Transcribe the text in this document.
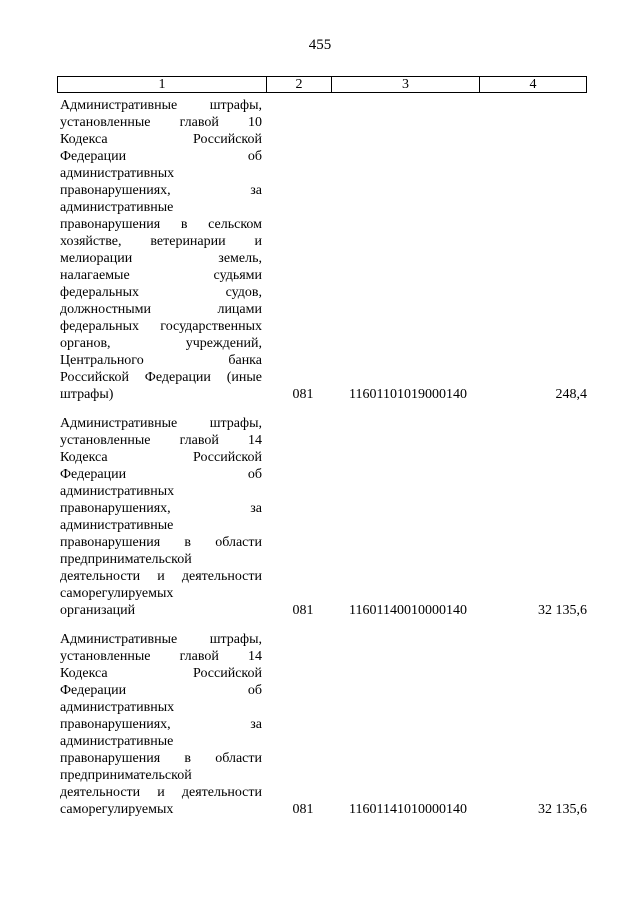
455
1	2	3	4
Административные штрафы,
установленные главой 10
Кодекса Российской
Федерации об
административных
правонарушениях, за
административные
правонарушения в сельском
хозяйстве, ветеринарии и
мелиорации земель,
налагаемые судьями
федеральных судов,
должностными лицами
федеральных государственных
органов, учреждений,
Центрального банка
Российской Федерации (иные
штрафы)	081	11601101019000140	248,4
Административные штрафы,
установленные главой 14
Кодекса Российской
Федерации об
административных
правонарушениях, за
административные
правонарушения в области
предпринимательской
деятельности и деятельности
саморегулируемых
организаций	081	11601140010000140	32 135,6
Административные штрафы,
установленные главой 14
Кодекса Российской
Федерации об
административных
правонарушениях, за
административные
правонарушения в области
предпринимательской
деятельности и деятельности
саморегулируемых	081	11601141010000140	32 135,6
